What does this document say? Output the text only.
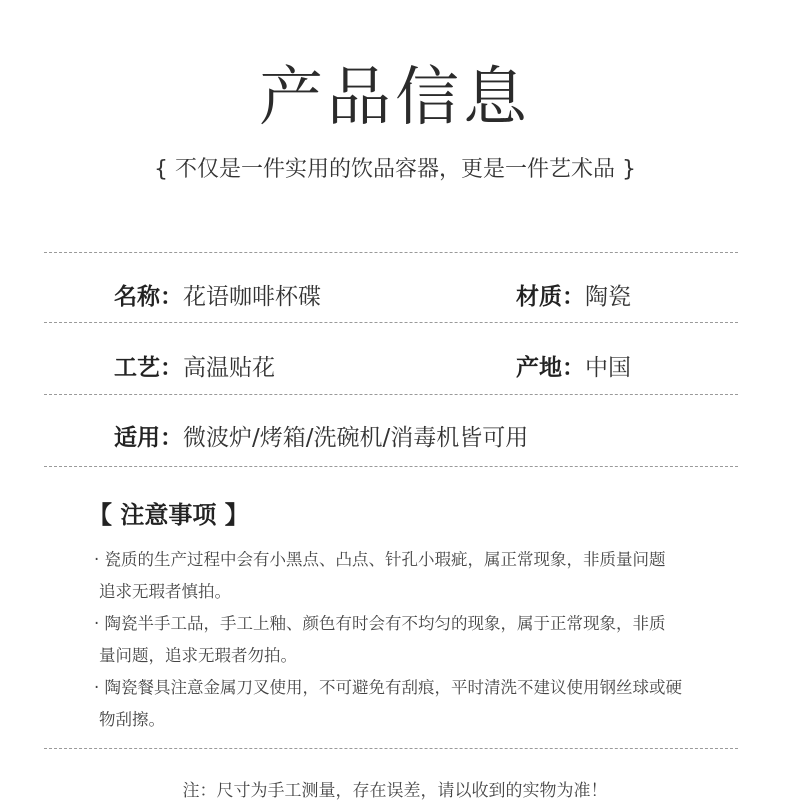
产品信息
{ 不仅是一件实用的饮品容器，更是一件艺术品 }
名称：花语咖啡杯碟	材质：陶瓷
工艺：高温贴花	产地：中国
适用：微波炉/烤箱/洗碗机/消毒机皆可用
【 注意事项 】
· 瓷质的生产过程中会有小黑点、凸点、针孔小瑕疵，属正常现象，非质量问题
追求无瑕者慎拍。
· 陶瓷半手工品，手工上釉、颜色有时会有不均匀的现象，属于正常现象，非质
量问题，追求无瑕者勿拍。
· 陶瓷餐具注意金属刀叉使用，不可避免有刮痕，平时清洗不建议使用钢丝球或硬
物刮擦。
注：尺寸为手工测量，存在误差，请以收到的实物为准！
